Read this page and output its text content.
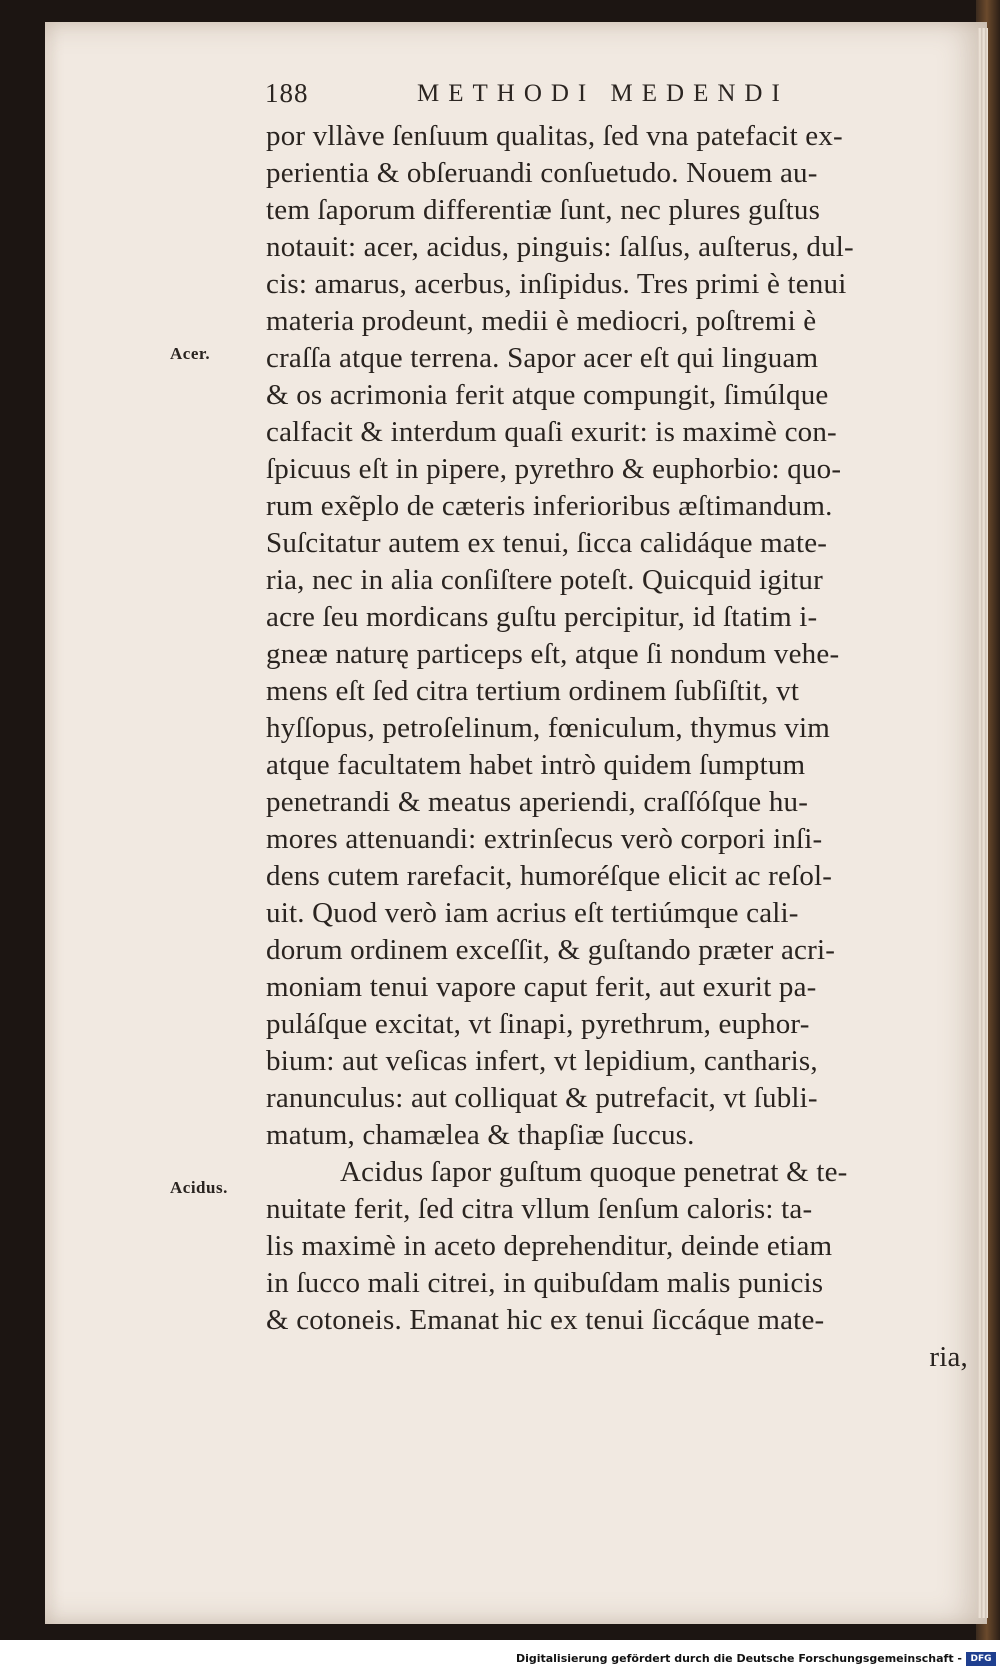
188	METHODI MEDENDI
Acer.
Acidus.
por vllàve ſenſuum qualitas, ſed vna patefacit ex-
perientia & obſeruandi conſuetudo. Nouem au-
tem ſaporum differentiæ ſunt, nec plures guſtus
notauit: acer, acidus, pinguis: ſalſus, auſterus, dul-
cis: amarus, acerbus, inſipidus. Tres primi è tenui
materia prodeunt, medii è mediocri, poſtremi è
craſſa atque terrena. Sapor acer eſt qui linguam
& os acrimonia ferit atque compungit, ſimúlque
calfacit & interdum quaſi exurit: is maximè con-
ſpicuus eſt in pipere, pyrethro & euphorbio: quo-
rum exẽplo de cæteris inferioribus æſtimandum.
Suſcitatur autem ex tenui, ſicca calidáque mate-
ria, nec in alia conſiſtere poteſt. Quicquid igitur
acre ſeu mordicans guſtu percipitur, id ſtatim i-
gneæ naturę particeps eſt, atque ſi nondum vehe-
mens eſt ſed citra tertium ordinem ſubſiſtit, vt
hyſſopus, petroſelinum, fœniculum, thymus vim
atque facultatem habet intrò quidem ſumptum
penetrandi & meatus aperiendi, craſſóſque hu-
mores attenuandi: extrinſecus verò corpori inſi-
dens cutem rarefacit, humoréſque elicit ac reſol-
uit. Quod verò iam acrius eſt tertiúmque cali-
dorum ordinem exceſſit, & guſtando præter acri-
moniam tenui vapore caput ferit, aut exurit pa-
puláſque excitat, vt ſinapi, pyrethrum, euphor-
bium: aut veſicas infert, vt lepidium, cantharis,
ranunculus: aut colliquat & putrefacit, vt ſubli-
matum, chamælea & thapſiæ ſuccus.
Acidus ſapor guſtum quoque penetrat & te-
nuitate ferit, ſed citra vllum ſenſum caloris: ta-
lis maximè in aceto deprehenditur, deinde etiam
in ſucco mali citrei, in quibuſdam malis punicis
& cotoneis. Emanat hic ex tenui ſiccáque mate-
ria,
Digitalisierung gefördert durch die Deutsche Forschungsgemeinschaft - DFG
